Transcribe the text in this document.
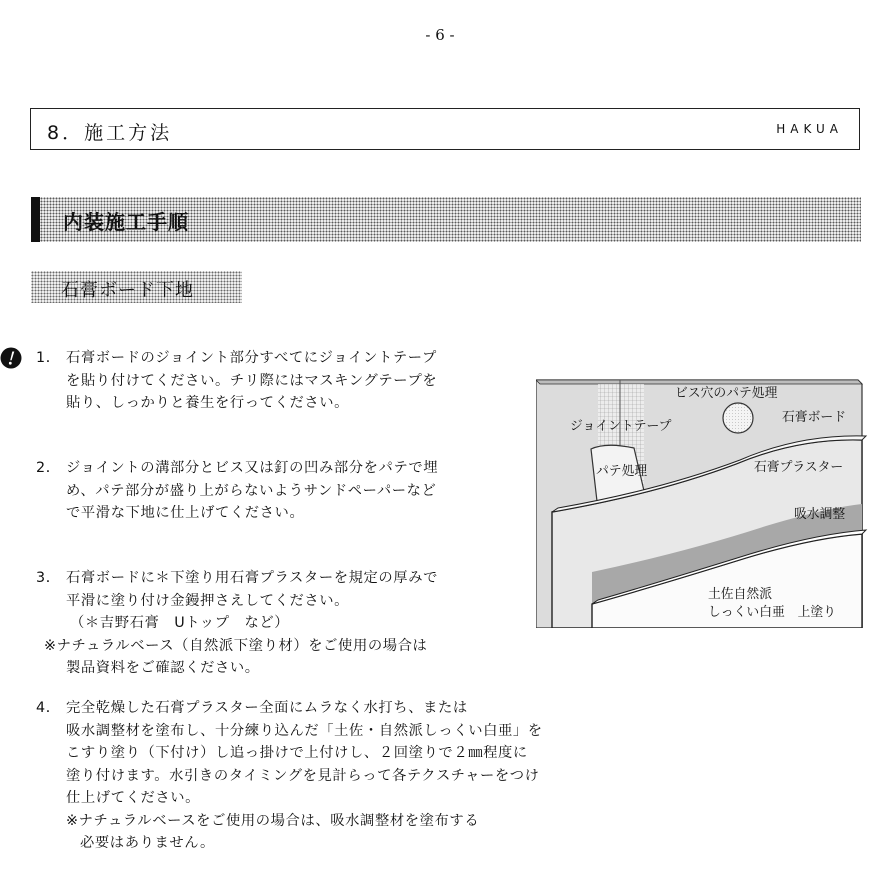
- 6 -
8．施工方法	HAKUA
内装施工手順
石膏ボード下地
1． 石膏ボードのジョイント部分すべてにジョイントテープ
を貼り付けてください。チリ際にはマスキングテープを
貼り、しっかりと養生を行ってください。
2． ジョイントの溝部分とビス又は釘の凹み部分をパテで埋
め、パテ部分が盛り上がらないようサンドペーパーなど
で平滑な下地に仕上げてください。
3． 石膏ボードに＊下塗り用石膏プラスターを規定の厚みで
平滑に塗り付け金鏝押さえしてください。
（＊吉野石膏　Uトップ　など）
※ナチュラルベース（自然派下塗り材）をご使用の場合は
製品資料をご確認ください。
4． 完全乾燥した石膏プラスター全面にムラなく水打ち、または
吸水調整材を塗布し、十分練り込んだ「土佐・自然派しっくい白亜」を
こすり塗り（下付け）し追っ掛けで上付けし、２回塗りで２㎜程度に
塗り付けます。水引きのタイミングを見計らって各テクスチャーをつけ
仕上げてください。
※ナチュラルベースをご使用の場合は、吸水調整材を塗布する
必要はありません。
ビス穴のパテ処理
石膏ボード
ジョイントテープ
パテ処理	石膏プラスター
吸水調整
土佐自然派
しっくい白亜　上塗り
